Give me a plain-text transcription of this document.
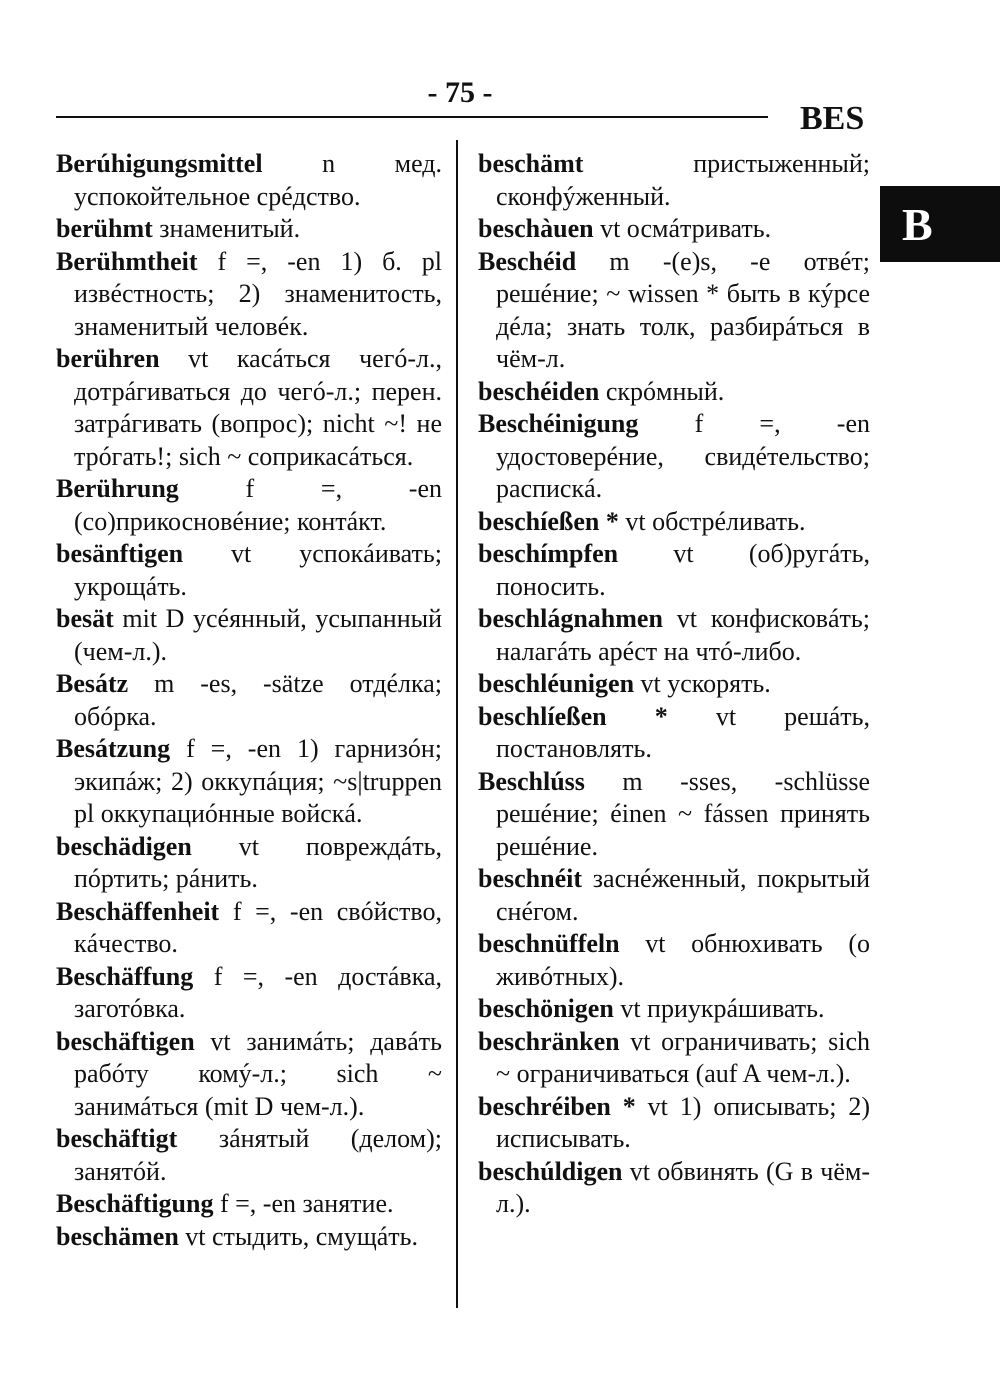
- 75 -
BES
B

Berúhigungsmittel n мед. успокойтельное срéдство.

berühmt знаменитый.

Berühmtheit f =, -en 1) б. pl извéстность; 2) знаменитость, знаменитый человéк.

berühren vt касáться чегó-л., дотрáгиваться до чегó-л.; перен. затрáгивать (вопрос); nicht ~! не трóгать!; sich ~ соприкасáться.

Berührung f =, -en (со)прикосновéние; контáкт.

besänftigen vt успокáивать; укрощáть.

besät mit D усéянный, усыпанный (чем-л.).

Besátz m -es, -sätze отдéлка; обóрка.

Besátzung f =, -en 1) гарнизóн; экипáж; 2) оккупáция; ~s|truppen pl оккупациóнные войскá.

beschädigen vt повреждáть, пóртить; рáнить.

Beschäffenheit f =, -en свóйство, кáчество.

Beschäffung f =, -en достáвка, заготóвка.

beschäftigen vt занимáть; давáть рабóту комý-л.; sich ~ занимáться (mit D чем-л.).

beschäftigt зáнятый (делом); занятóй.

Beschäftigung f =, -en занятие.

beschämen vt стыдить, смущáть.

beschämt пристыженный; сконфýженный.

beschàuen vt осмáтривать.

Beschéid m -(e)s, -e отвéт; решéние; ~ wissen * быть в кýрсе дéла; знать толк, разбирáться в чём-л.

beschéiden скрóмный.

Beschéinigung f =, -en удостоверéние, свидéтельство; распискá.

beschíeßen * vt обстрéливать.

beschímpfen vt (об)ругáть, поносить.

beschlágnahmen vt конфисковáть; налагáть арéст на чтó-либо.

beschléunigen vt ускорять.

beschlíeßen * vt решáть, постановлять.

Beschlúss m -sses, -schlüsse решéние; éinen ~ fássen принять решéние.

beschnéit заснéженный, покрытый снéгом.

beschnüffeln vt обнюхивать (о живóтных).

beschönigen vt приукрáшивать.

beschränken vt ограничивать; sich ~ ограничиваться (auf A чем-л.).

beschréiben * vt 1) описывать; 2) исписывать.

beschúldigen vt обвинять (G в чём-л.).
